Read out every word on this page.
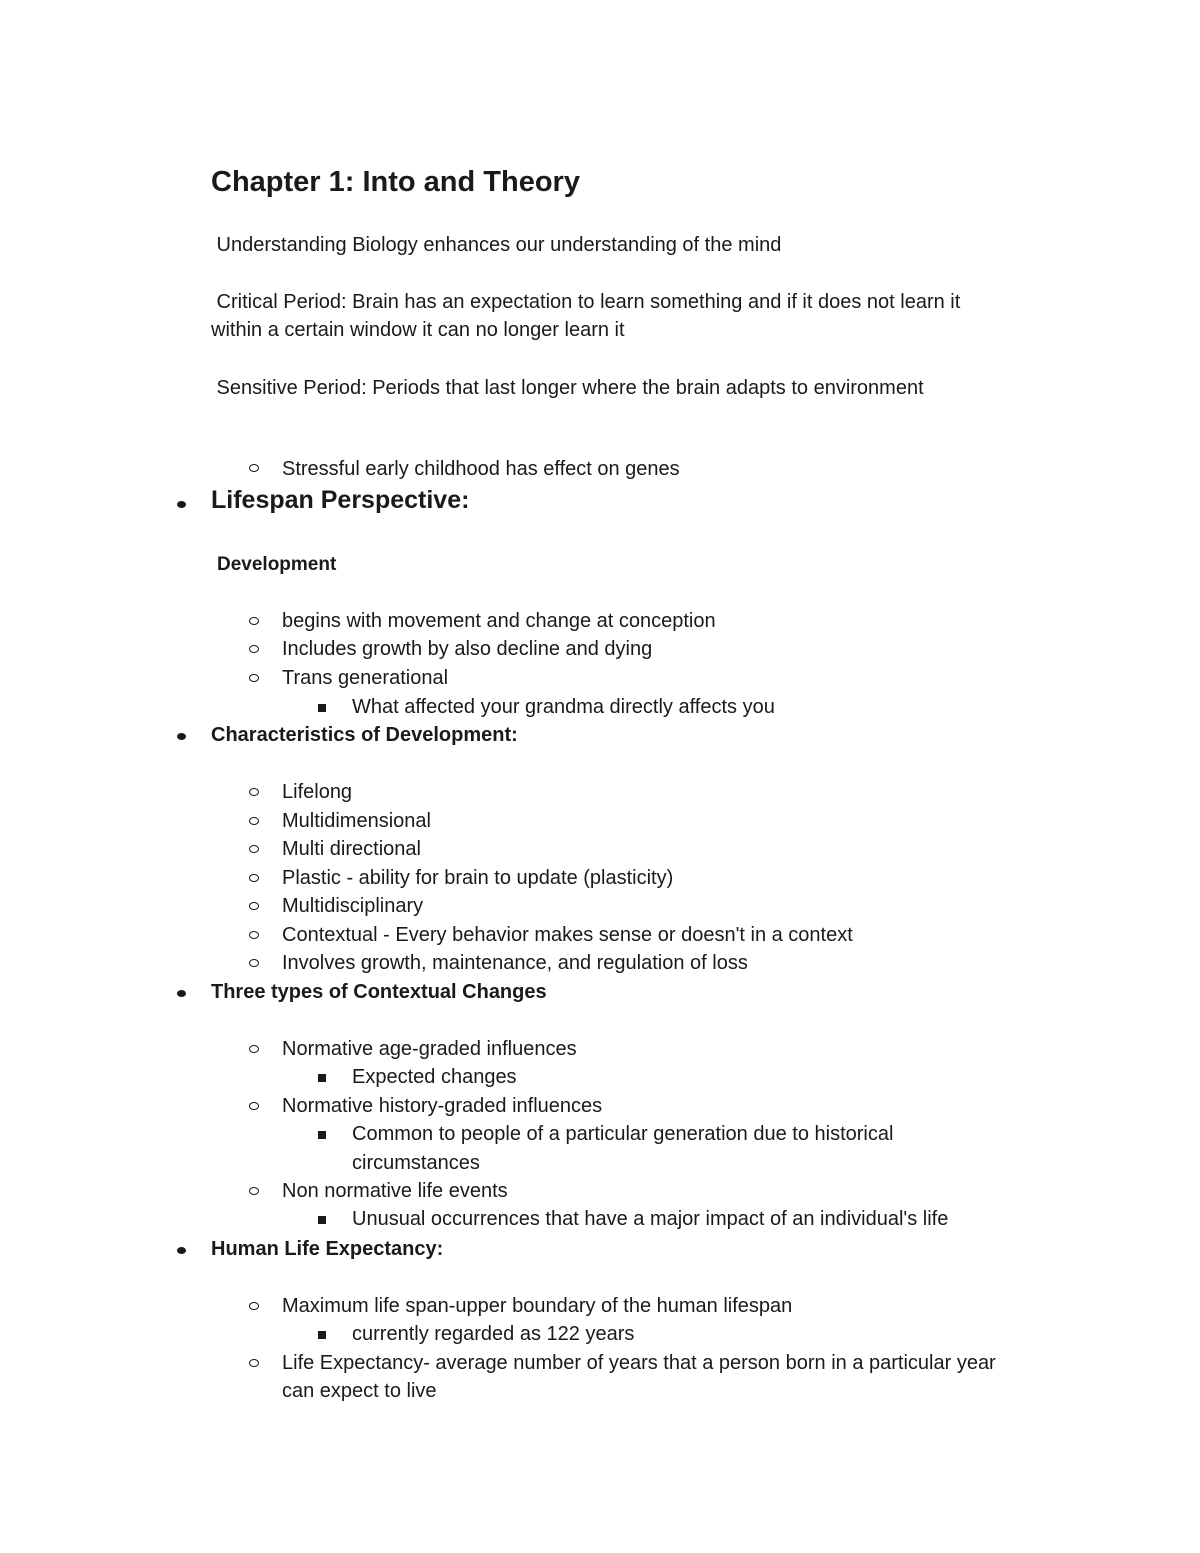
Chapter 1: Into and Theory
Understanding Biology enhances our understanding of the mind
Critical Period: Brain has an expectation to learn something and if it does not learn it
within a certain window it can no longer learn it
Sensitive Period: Periods that last longer where the brain adapts to environment
Stressful early childhood has effect on genes
Lifespan Perspective:
Development
begins with movement and change at conception
Includes growth by also decline and dying
Trans generational
What affected your grandma directly affects you
Characteristics of Development:
Lifelong
Multidimensional
Multi directional
Plastic - ability for brain to update (plasticity)
Multidisciplinary
Contextual - Every behavior makes sense or doesn't in a context
Involves growth, maintenance, and regulation of loss
Three types of Contextual Changes
Normative age-graded influences
Expected changes
Normative history-graded influences
Common to people of a particular generation due to historical
circumstances
Non normative life events
Unusual occurrences that have a major impact of an individual's life
Human Life Expectancy:
Maximum life span-upper boundary of the human lifespan
currently regarded as 122 years
Life Expectancy- average number of years that a person born in a particular year
can expect to live
